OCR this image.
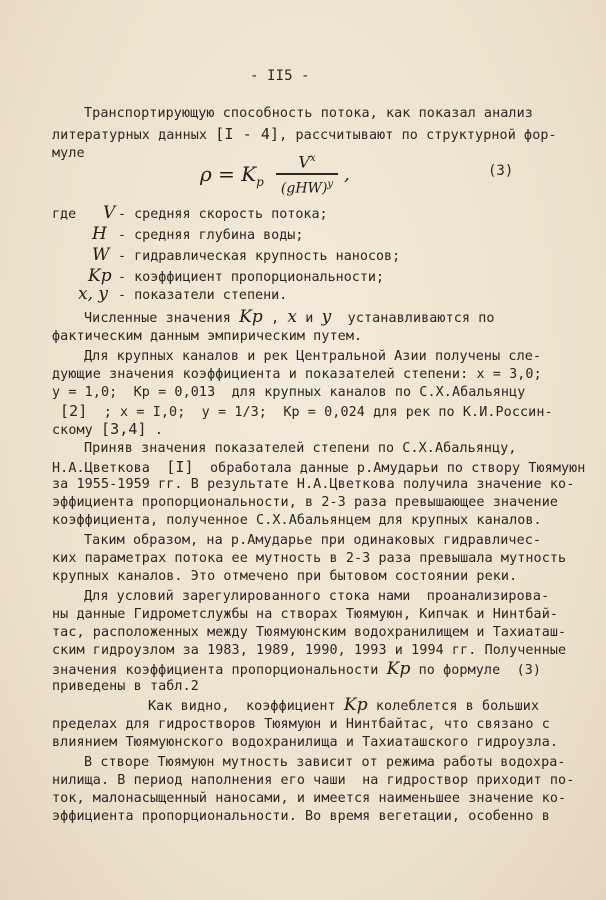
- II5 -
Транспортирующую способность потока, как показал анализ
литературных данных [I - 4], рассчитывают по структурной фор-
муле
$\rho = K_p$
$V^x$
(gHW)$^y$ ,	(3)
где V - средняя скорость потока;
H - средняя глубина воды;
W - гидравлическая крупность наносов;
Kp - коэффициент пропорциональности;
x, y - показатели степени.
Численные значения Kp , x и y устанавливаются по
фактическим данным эмпирическим путем.
Для крупных каналов и рек Центральной Азии получены сле-
дующие значения коэффициента и показателей степени: x = 3,0;
y = 1,0; Kp = 0,013 для крупных каналов по С.Х.Абальянцу
[2] ; x = I,0;  y = 1/3; Kp = 0,024 для рек по К.И.Россин-
скому [3,4] .
Приняв значения показателей степени по С.Х.Абальянцу,
Н.А.Цветкова [I] обработала данные р.Амударьи по створу Тюямуюн
за 1955-1959 гг. В результате Н.А.Цветкова получила значение ко-
эффициента пропорциональности, в 2-3 раза превышающее значение
коэффициента, полученное С.Х.Абальянцем для крупных каналов.
Таким образом, на р.Амударье при одинаковых гидравличес-
ких параметрах потока ее мутность в 2-3 раза превышала мутность
крупных каналов. Это отмечено при бытовом состоянии реки.
Для условий зарегулированного стока нами  проанализирова-
ны данные Гидрометслужбы на створах Тюямуюн, Кипчак и Нинтбай-
тас, расположенных между Тюямуюнским водохранилищем и Тахиаташ-
ским гидроузлом за 1983, 1989, 1990, 1993 и 1994 гг. Полученные
значения коэффициента пропорциональности Kp по формуле  (3)
приведены в табл.2
Как видно,  коэффициент Kp колеблется в больших
пределах для гидростворов Тюямуюн и Нинтбайтас, что связано с
влиянием Тюямуюнского водохранилища и Тахиаташского гидроузла.
В створе Тюямуюн мутность зависит от режима работы водохра-
нилища. В период наполнения его чаши  на гидроствор приходит по-
ток, малонасыщенный наносами, и имеется наименьшее значение ко-
эффициента пропорциональности. Во время вегетации, особенно в
